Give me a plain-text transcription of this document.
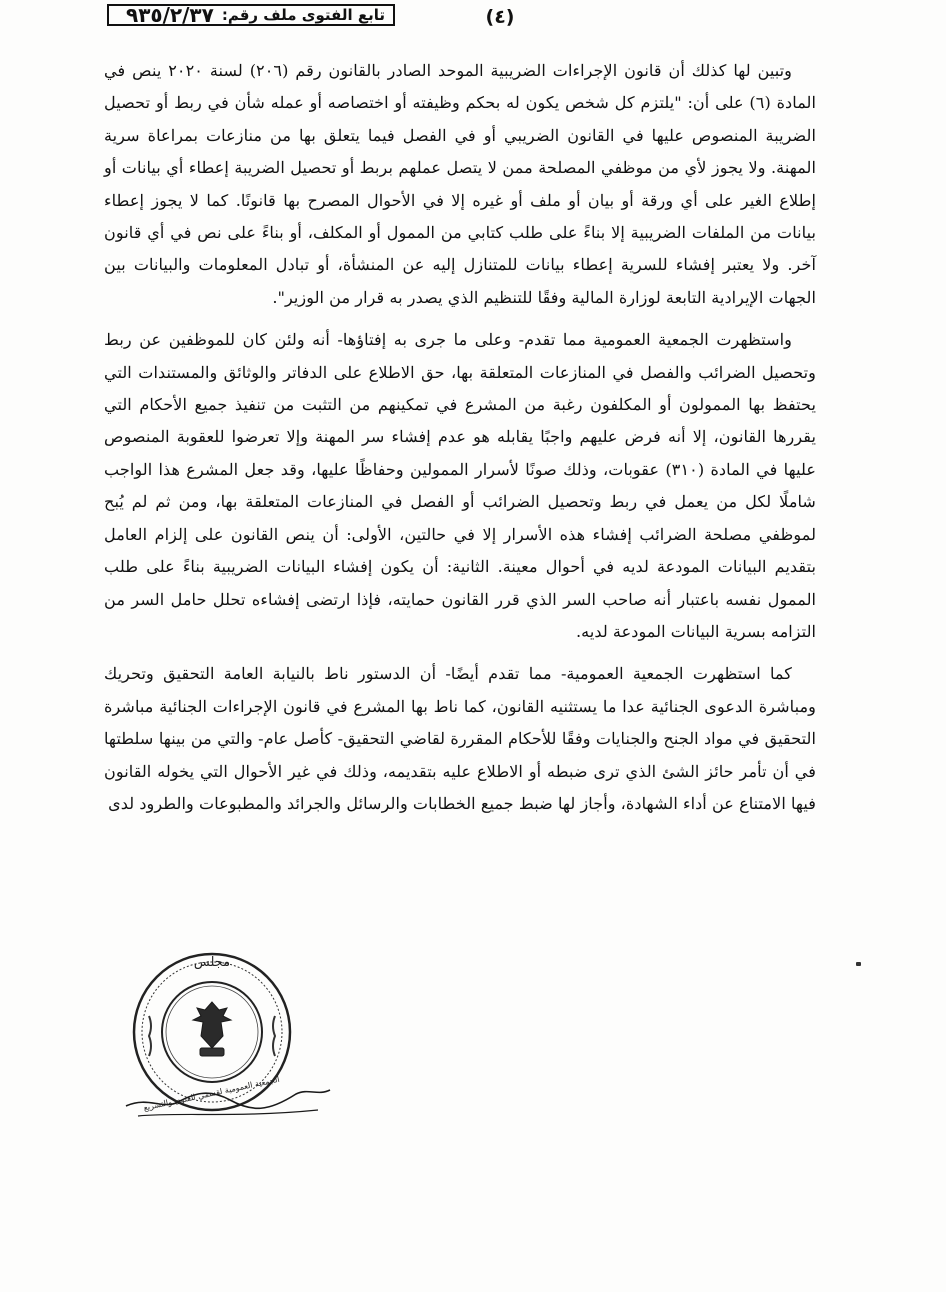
تابع الفتوى ملف رقم:
٩٣٥/٢/٣٧	(٤)

وتبين لها كذلك أن قانون الإجراءات الضريبية الموحد الصادر بالقانون رقم (٢٠٦) لسنة ٢٠٢٠ ينص في المادة (٦) على أن: "يلتزم كل شخص يكون له بحكم وظيفته أو اختصاصه أو عمله شأن في ربط أو تحصيل الضريبة المنصوص عليها في القانون الضريبي أو في الفصل فيما يتعلق بها من منازعات بمراعاة سرية المهنة. ولا يجوز لأي من موظفي المصلحة ممن لا يتصل عملهم بربط أو تحصيل الضريبة إعطاء أي بيانات أو إطلاع الغير على أي ورقة أو بيان أو ملف أو غيره إلا في الأحوال المصرح بها قانونًا. كما لا يجوز إعطاء بيانات من الملفات الضريبية إلا بناءً على طلب كتابي من الممول أو المكلف، أو بناءً على نص في أي قانون آخر. ولا يعتبر إفشاء للسرية إعطاء بيانات للمتنازل إليه عن المنشأة، أو تبادل المعلومات والبيانات بين الجهات الإيرادية التابعة لوزارة المالية وفقًا للتنظيم الذي يصدر به قرار من الوزير".

واستظهرت الجمعية العمومية مما تقدم- وعلى ما جرى به إفتاؤها- أنه ولئن كان للموظفين عن ربط وتحصيل الضرائب والفصل في المنازعات المتعلقة بها، حق الاطلاع على الدفاتر والوثائق والمستندات التي يحتفظ بها الممولون أو المكلفون رغبة من المشرع في تمكينهم من التثبت من تنفيذ جميع الأحكام التي يقررها القانون، إلا أنه فرض عليهم واجبًا يقابله هو عدم إفشاء سر المهنة وإلا تعرضوا للعقوبة المنصوص عليها في المادة (٣١٠) عقوبات، وذلك صونًا لأسرار الممولين وحفاظًا عليها، وقد جعل المشرع هذا الواجب شاملًا لكل من يعمل في ربط وتحصيل الضرائب أو الفصل في المنازعات المتعلقة بها، ومن ثم لم يُبح لموظفي مصلحة الضرائب إفشاء هذه الأسرار إلا في حالتين، الأولى: أن ينص القانون على إلزام العامل بتقديم البيانات المودعة لديه في أحوال معينة. الثانية: أن يكون إفشاء البيانات الضريبية بناءً على طلب الممول نفسه باعتبار أنه صاحب السر الذي قرر القانون حمايته، فإذا ارتضى إفشاءه تحلل حامل السر من التزامه بسرية البيانات المودعة لديه.

كما استظهرت الجمعية العمومية- مما تقدم أيضًا- أن الدستور ناط بالنيابة العامة التحقيق وتحريك ومباشرة الدعوى الجنائية عدا ما يستثنيه القانون، كما ناط بها المشرع في قانون الإجراءات الجنائية مباشرة التحقيق في مواد الجنح والجنايات وفقًا للأحكام المقررة لقاضي التحقيق- كأصل عام- والتي من بينها سلطتها في أن تأمر حائز الشئ الذي ترى ضبطه أو الاطلاع عليه بتقديمه، وذلك في غير الأحوال التي يخوله القانون فيها الامتناع عن أداء الشهادة، وأجاز لها ضبط جميع الخطابات والرسائل والجرائد والمطبوعات والطرود لدى

مجلس
الجمعية العمومية لقسمي الفتوى والتشريع
